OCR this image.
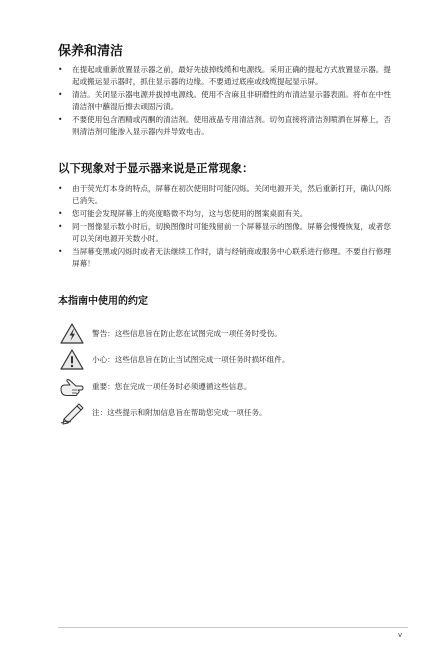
保养和清洁
• 在提起或重新放置显示器之前，最好先拔掉线缆和电源线。采用正确的提起方式放置显示器。提起或搬运显示器时，抓住显示器的边缘。不要通过底座或线缆提起显示屏。
• 清洁。关闭显示器电源并拔掉电源线。使用不含麻且非研磨性的布清洁显示器表面。将布在中性清洁剂中蘸湿后擦去顽固污渍。
• 不要使用包含酒精或丙酮的清洁剂。使用液晶专用清洁剂。切勿直接将清洁剂喷洒在屏幕上，否则清洁剂可能渗入显示器内并导致电击。
以下现象对于显示器来说是正常现象：
• 由于荧光灯本身的特点，屏幕在初次使用时可能闪烁。关闭电源开关，然后重新打开，确认闪烁已消失。
• 您可能会发现屏幕上的亮度略微不均匀，这与您使用的图案桌面有关。
• 同一图像显示数小时后，切换图像时可能残留前一个屏幕显示的图像。屏幕会慢慢恢复，或者您可以关闭电源开关数小时。
• 当屏幕变黑或闪烁时或者无法继续工作时，请与经销商或服务中心联系进行修理。不要自行修理屏幕！
本指南中使用的约定
警告：这些信息旨在防止您在试图完成一项任务时受伤。
小心：这些信息旨在防止当试图完成一项任务时损坏组件。
重要：您在完成一项任务时必须遵循这些信息。
注：这些提示和附加信息旨在帮助您完成一项任务。
v
